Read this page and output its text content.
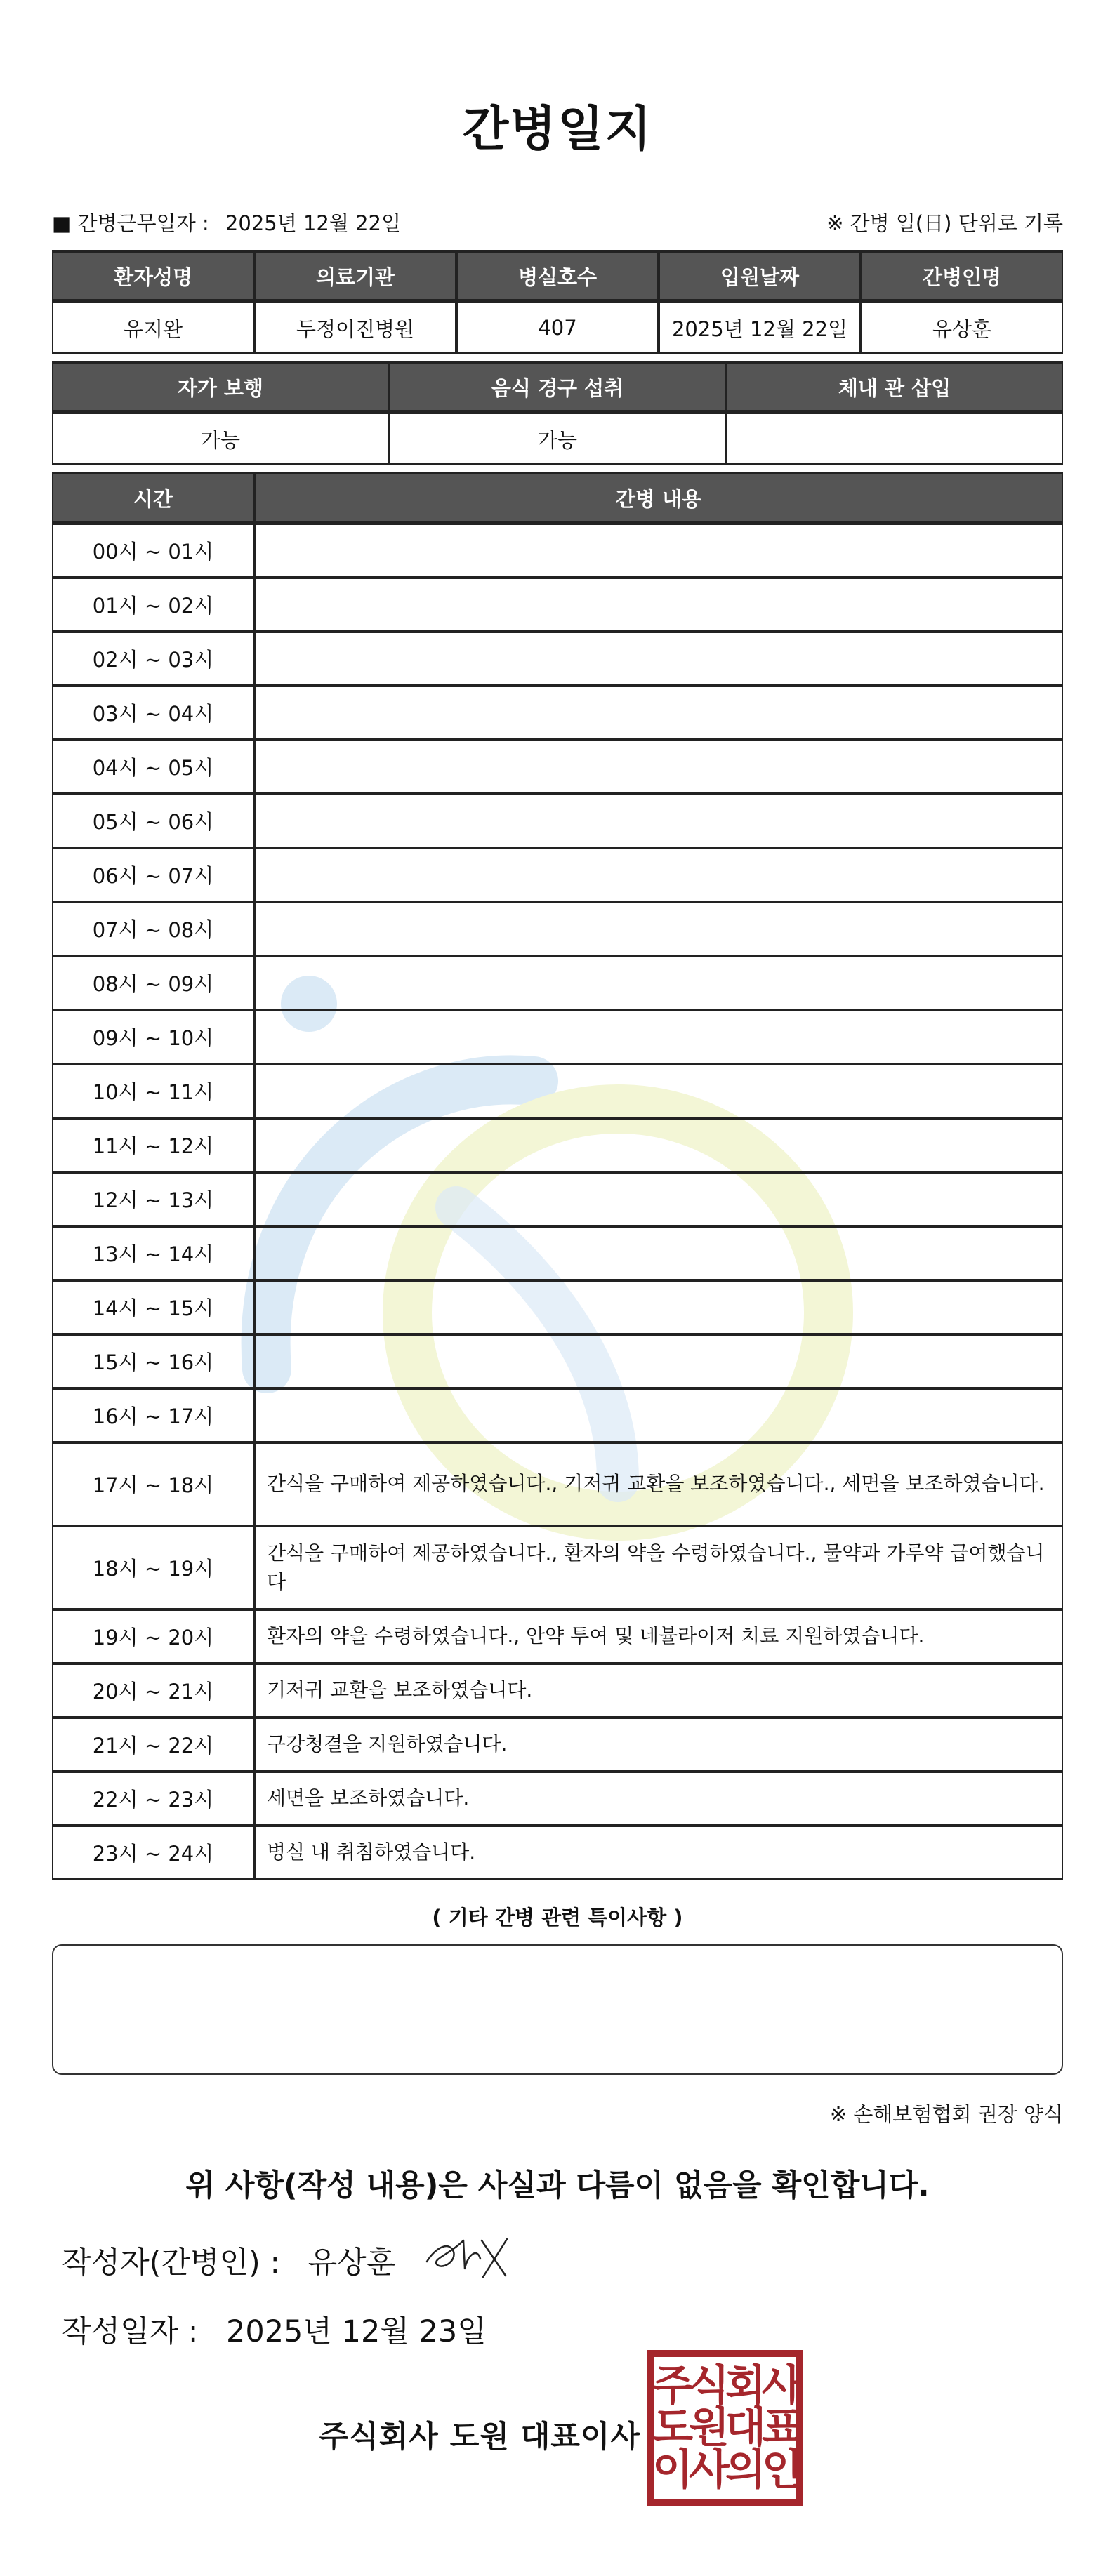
간병일지
■ 간병근무일자 : 2025년 12월 22일	※ 간병 일(日) 단위로 기록
환자성명	의료기관	병실호수	입원날짜	간병인명
유지완	두정이진병원	407	2025년 12월 22일	유상훈
자가 보행	음식 경구 섭취	체내 관 삽입
가능	가능	
시간	간병 내용
00시 ~ 01시	
01시 ~ 02시	
02시 ~ 03시	
03시 ~ 04시	
04시 ~ 05시	
05시 ~ 06시	
06시 ~ 07시	
07시 ~ 08시	
08시 ~ 09시	
09시 ~ 10시	
10시 ~ 11시	
11시 ~ 12시	
12시 ~ 13시	
13시 ~ 14시	
14시 ~ 15시	
15시 ~ 16시	
16시 ~ 17시	
17시 ~ 18시	간식을 구매하여 제공하였습니다., 기저귀 교환을 보조하였습니다., 세면을 보조하였습니다.
18시 ~ 19시	간식을 구매하여 제공하였습니다., 환자의 약을 수령하였습니다., 물약과 가루약 급여했습니다
19시 ~ 20시	환자의 약을 수령하였습니다., 안약 투여 및 네뷸라이저 치료 지원하였습니다.
20시 ~ 21시	기저귀 교환을 보조하였습니다.
21시 ~ 22시	구강청결을 지원하였습니다.
22시 ~ 23시	세면을 보조하였습니다.
23시 ~ 24시	병실 내 취침하였습니다.
( 기타 간병 관련 특이사항 )
※ 손해보험협회 권장 양식
위 사항(작성 내용)은 사실과 다름이 없음을 확인합니다.
작성자(간병인) : 유상훈
작성일자 : 2025년 12월 23일
주식회사 도원 대표이사
주식회사
도원대표
이사의인
